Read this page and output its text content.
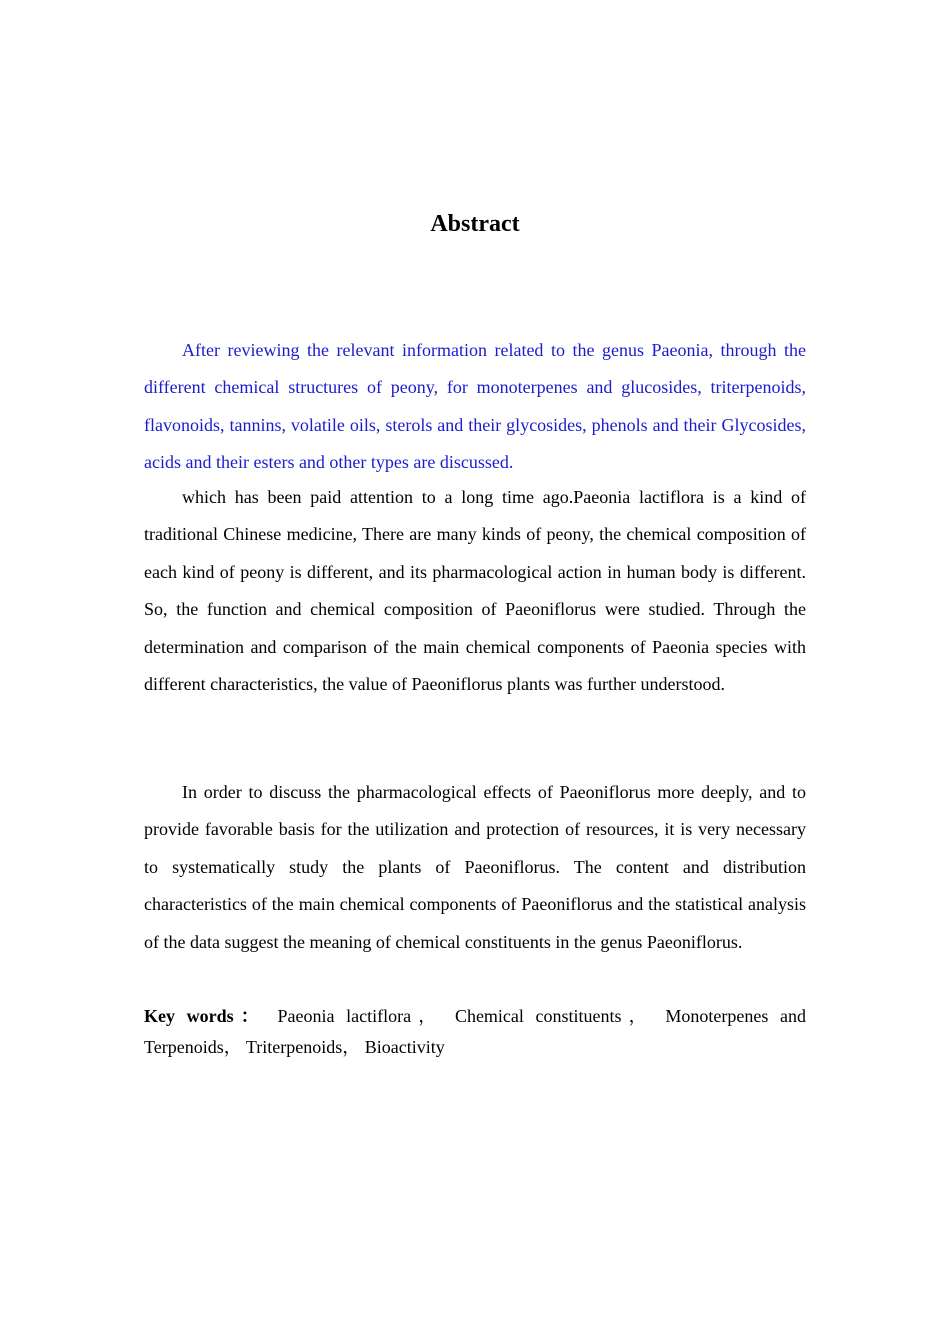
Abstract

After reviewing the relevant information related to the genus Paeonia, through the different chemical structures of peony, for monoterpenes and glucosides, triterpenoids, flavonoids, tannins, volatile oils, sterols and their glycosides, phenols and their Glycosides, acids and their esters and other types are discussed.

which has been paid attention to a long time ago.Paeonia lactiflora is a kind of traditional Chinese medicine, There are many kinds of peony, the chemical composition of each kind of peony is different, and its pharmacological action in human body is different. So, the function and chemical composition of Paeoniflorus were studied. Through the determination and comparison of the main chemical components of Paeonia species with different characteristics, the value of Paeoniflorus plants was further understood.

In order to discuss the pharmacological effects of Paeoniflorus more deeply, and to provide favorable basis for the utilization and protection of resources, it is very necessary to systematically study the plants of Paeoniflorus. The content and distribution characteristics of the main chemical components of Paeoniflorus and the statistical analysis of the data suggest the meaning of chemical constituents in the genus Paeoniflorus.

Key words： Paeonia lactiflora， Chemical constituents， Monoterpenes and Terpenoids， Triterpenoids， Bioactivity
